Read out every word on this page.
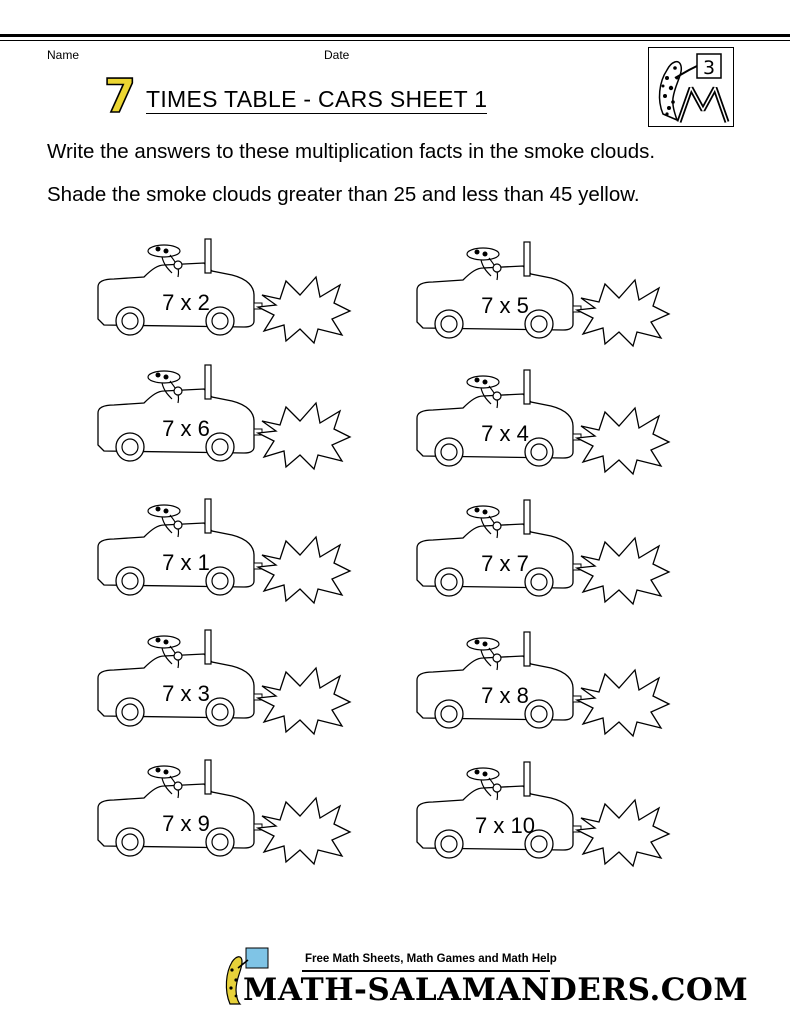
Name	Date
7 TIMES TABLE - CARS SHEET 1
3
Write the answers to these multiplication facts in the smoke clouds.
Shade the smoke clouds greater than 25 and less than 45 yellow.
7 x 2
7 x 6
7 x 1
7 x 3
7 x 9
7 x 5
7 x 4
7 x 7
7 x 8
7 x 10
Free Math Sheets, Math Games and Math Help
MATH-SALAMANDERS.COM
